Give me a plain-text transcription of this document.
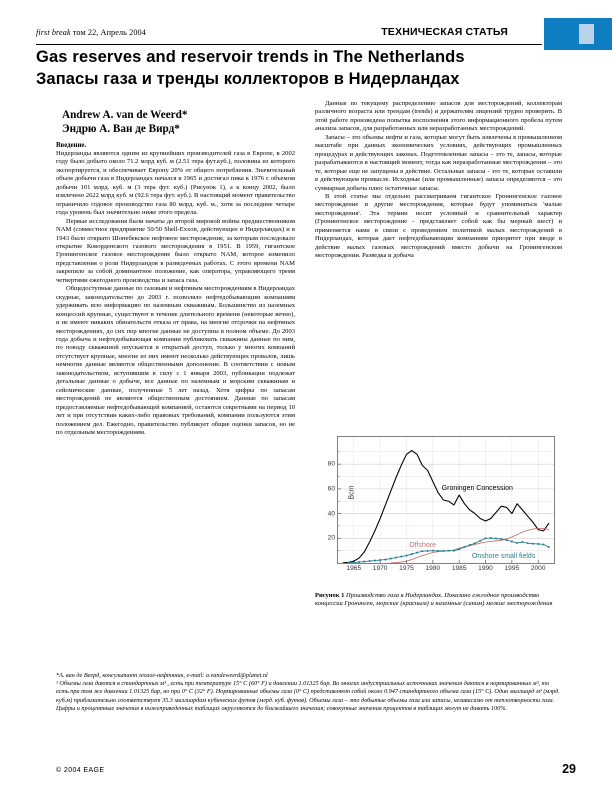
first break том 22, Апрель 2004	ТЕХНИЧЕСКАЯ СТАТЬЯ
Gas reserves and reservoir trends in The Netherlands
Запасы газа и тренды коллекторов в Нидерландах
Andrew A. van de Weerd*
Эндрю А. Ван де Вирд*
Введение.

Нидерланды являются одним из крупнейших производителей газа в Европе, в 2002 году было добыто около 71.2 млрд куб. м (2.51 тера фут.куб.), половина из которого экспортируется, и обеспечивает Европу 20% от общего потребления. Значительный объем добычи газа в Нидерландах начался в 1965 и достигал пика к 1976 с объемом добычи 101 млрд. куб. м (3 тера фут. куб.) (Рисунок 1), а к концу 2002, было извлечено 2622 млрд куб. м (92.6 тера фут. куб.). В настоящий момент правительство ограничило годовое производство газа 80 млрд. куб. м., хотя за последние четыре года уровень был значительно ниже этого предела.

Первые исследования были начаты до второй мировой войны предшественником NAM (совместное предприятие 50/50 Shell-Exxon, действующее в Нидерландах) и в 1943 было открыто Шонебекское нефтяное месторождение, за которым последовало открытие Коворденского газового месторождения в 1951. В 1959, гигантское Гронингенское газовое месторождение было открыто NAM, которое изменило представления о роли Нидерландов в разведочных работах. С этого времени NAM закрепило за собой доминантное положение, как оператора, управляющего тремя четвертями ежегодного производства и запаса газа.

Общедоступные данные по газовым и нефтяным месторождениям в Нидерландах скудные, законодательство до 2003 г. позволяло нефтедобывающим компаниям удерживать всю информацию по наземным скважинам. Большинство из наземных концессий крупные, существуют в течение длительного времени (некоторые вечно), и не имеют никаких обязательств отказа от права, на многие отсрочки на нефтяных месторождениях, до сих пор многие данные не доступны в полном объеме. До 2003 года добыча и нефтедобывающая компании публиковать скважины данные по ним, по поводу скважиной опускается в открытый доступ, только у многих компаний отсутствует крупные, многие из них имеют несколько действующих провалов, лишь немногие данные являются общественными дополнение. В соответствии с новым законодательством, вступившим в силу с 1 января 2003, публикации подлежат детальные данные о добыче, все данные по наземным и морским скважинам и сейсмические данные, полученные 5 лет назад. Хотя цифры по запасам месторождений не являются общественным достоянием. Данные по запасам предоставляемые нефтедобывающей компанией, остаются секретными на период 10 лет и при отсутствии каких-либо правовых требований, компании пользуются этим положением дел. Ежегодно, правительство публикует общие оценки запасов, но не по отдельным месторождениям.

Данные по текущему распределению запасов для месторождений, коллекторам различного возраста или трендам (trends) и держателям лицензий трудно проверить. В этой работе произведена попытка восполнения этого информационного пробела путем анализа запасов, для разработанных или неразработанных месторождений.

Запасы – это объемы нефти и газа, которые могут быть извлечены в промышленном масштабе при данных экономических условиях, действующих промышленных процедурах и действующих законах. Подготовленные запасы – это те, запасы, которые разрабатываются в настоящий момент, тогда как неразработанные месторождения – это те, которые еще не запущены в действие. Остальные запасы - это те, которые оставили в действующем промысле. Исходные (или промышленные) запасы определяются – это суммарная добыча плюс остаточные запасы.

В этой статье мы отдельно рассматриваем гигантское Гронингенское газовое месторождение и другие месторождения, которые будут упоминаться 'малые месторождения'. Эта термин носит условный и сравнительный характер (Гронингенское месторождение - представляет собой как бы мерный шест) и применяется нами в связи с проведением политикой малых месторождений в Нидерландах, которая дает нефтедобывающим компаниям приоритет при вводе в действие малых газовых месторождений вместо добычи на Гронингенском месторождении. Разведка и добыча

Bcm
20
40
60
80
1965 1970 1975 1980 1985 1990 1995 2000
Groningen Concession
Offshore
Onshore small fields
Рисунок 1 Производство газа в Нидерландах. Показано ежгодное производство концессии Гронинген, морские (красным) и наземные (синим) мелкие месторождения

*A. ван де Веерд, консультант геолог-нефтяник, e-mail: a.vandeweerd@planet.nl

¹ Объемы газа даются в стандартных м³ , есть при температуре 15° C (60° F) и давлении 1.01325 бар. Во многих индустриальных источниках значения даются в нормированных м³, то есть при том же давлении 1.01325 бар, но при 0° C (32° F). Нормированные объемы газа (0° C) представляют собой около 0.947 стандартного объема газа (15° C). Один миллиард м³ (млрд. куб.м) приблизительно соответствует 35.3 миллиардам кубических футов (млрд. куб. футов). Объемы газа – это добытые объемы газа или запасы, независимо от теплотворности газа. Цифры и процентные значения в нижеприведенных таблицах округляются до ближайшего значения; совокупные значения процентов в таблицах могут не давать 100%.

© 2004 EAGE	29
